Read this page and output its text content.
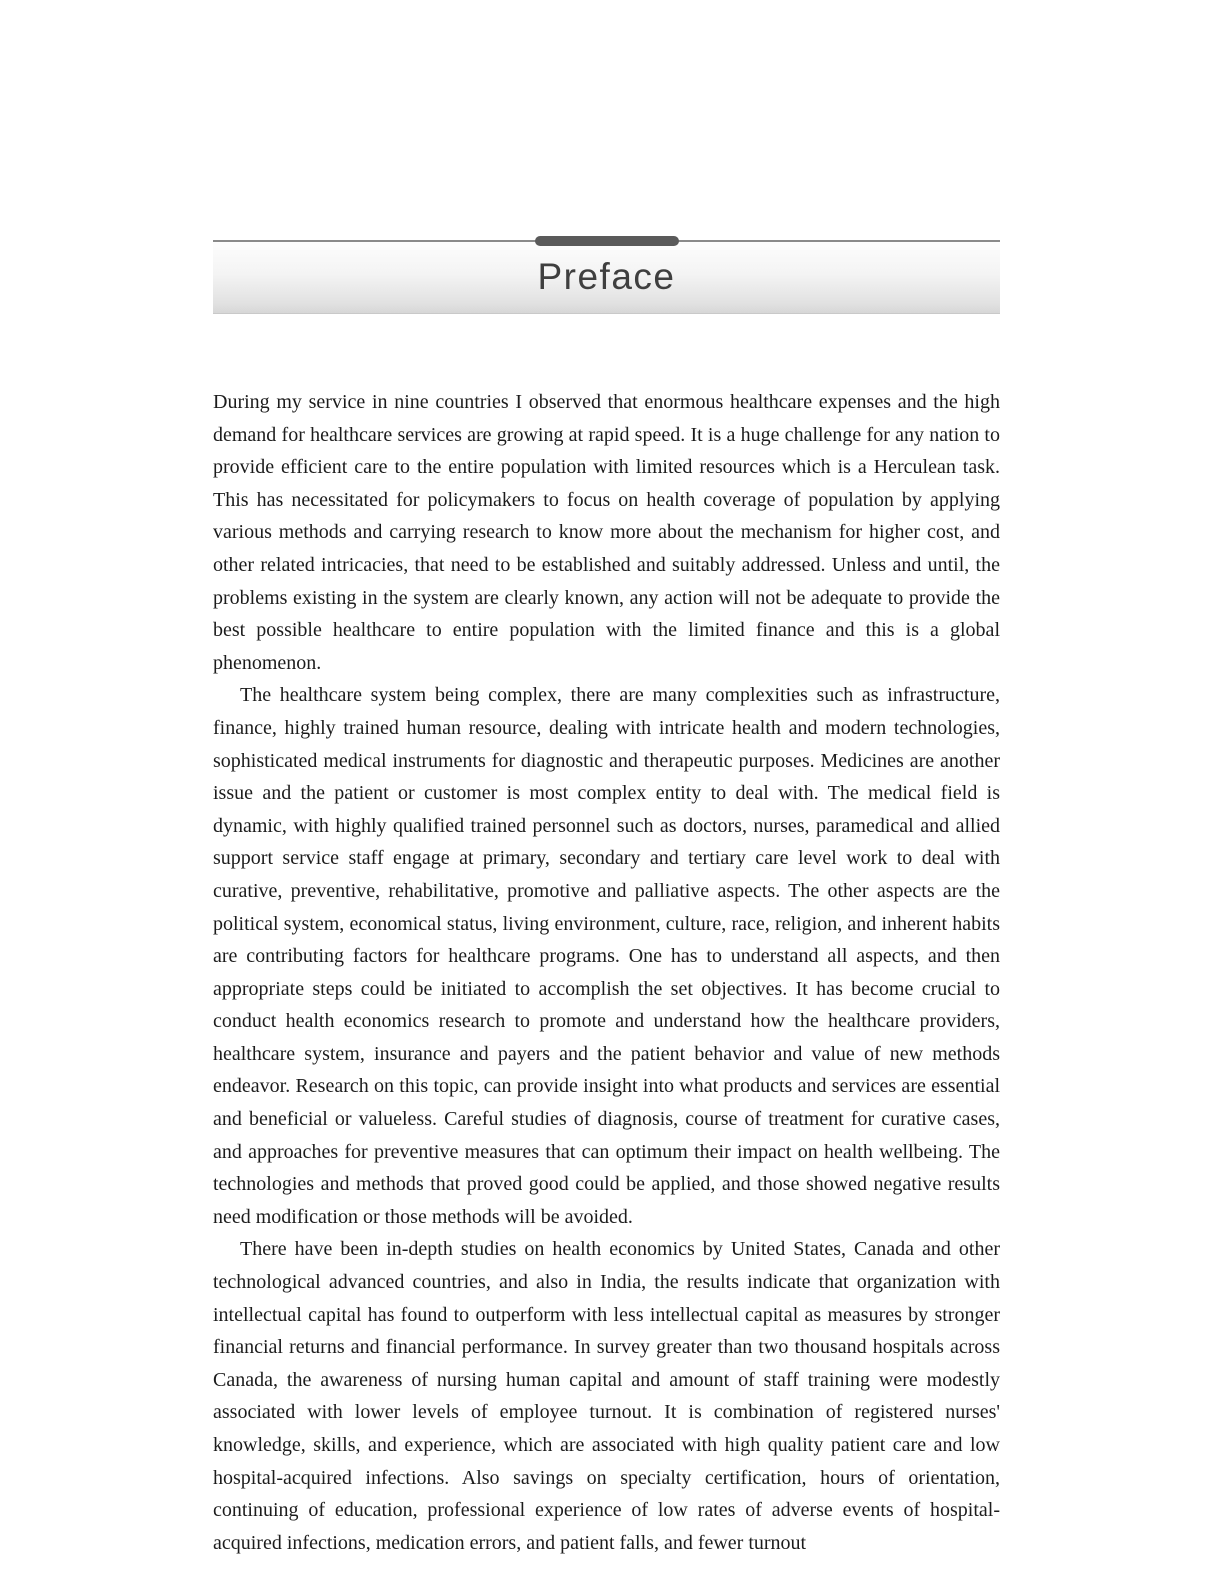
Preface

During my service in nine countries I observed that enormous healthcare expenses and the high demand for healthcare services are growing at rapid speed. It is a huge challenge for any nation to provide efficient care to the entire population with limited resources which is a Herculean task. This has necessitated for policymakers to focus on health coverage of population by applying various methods and carrying research to know more about the mechanism for higher cost, and other related intricacies, that need to be established and suitably addressed. Unless and until, the problems existing in the system are clearly known, any action will not be adequate to provide the best possible healthcare to entire population with the limited finance and this is a global phenomenon.

The healthcare system being complex, there are many complexities such as infrastructure, finance, highly trained human resource, dealing with intricate health and modern technologies, sophisticated medical instruments for diagnostic and therapeutic purposes. Medicines are another issue and the patient or customer is most complex entity to deal with. The medical field is dynamic, with highly qualified trained personnel such as doctors, nurses, paramedical and allied support service staff engage at primary, secondary and tertiary care level work to deal with curative, preventive, rehabilitative, promotive and palliative aspects. The other aspects are the political system, economical status, living environment, culture, race, religion, and inherent habits are contributing factors for healthcare programs. One has to understand all aspects, and then appropriate steps could be initiated to accomplish the set objectives. It has become crucial to conduct health economics research to promote and understand how the healthcare providers, healthcare system, insurance and payers and the patient behavior and value of new methods endeavor. Research on this topic, can provide insight into what products and services are essential and beneficial or valueless. Careful studies of diagnosis, course of treatment for curative cases, and approaches for preventive measures that can optimum their impact on health wellbeing. The technologies and methods that proved good could be applied, and those showed negative results need modification or those methods will be avoided.

There have been in-depth studies on health economics by United States, Canada and other technological advanced countries, and also in India, the results indicate that organization with intellectual capital has found to outperform with less intellectual capital as measures by stronger financial returns and financial performance. In survey greater than two thousand hospitals across Canada, the awareness of nursing human capital and amount of staff training were modestly associated with lower levels of employee turnout. It is combination of registered nurses' knowledge, skills, and experience, which are associated with high quality patient care and low hospital-acquired infections. Also savings on specialty certification, hours of orientation, continuing of education, professional experience of low rates of adverse events of hospital-acquired infections, medication errors, and patient falls, and fewer turnout
